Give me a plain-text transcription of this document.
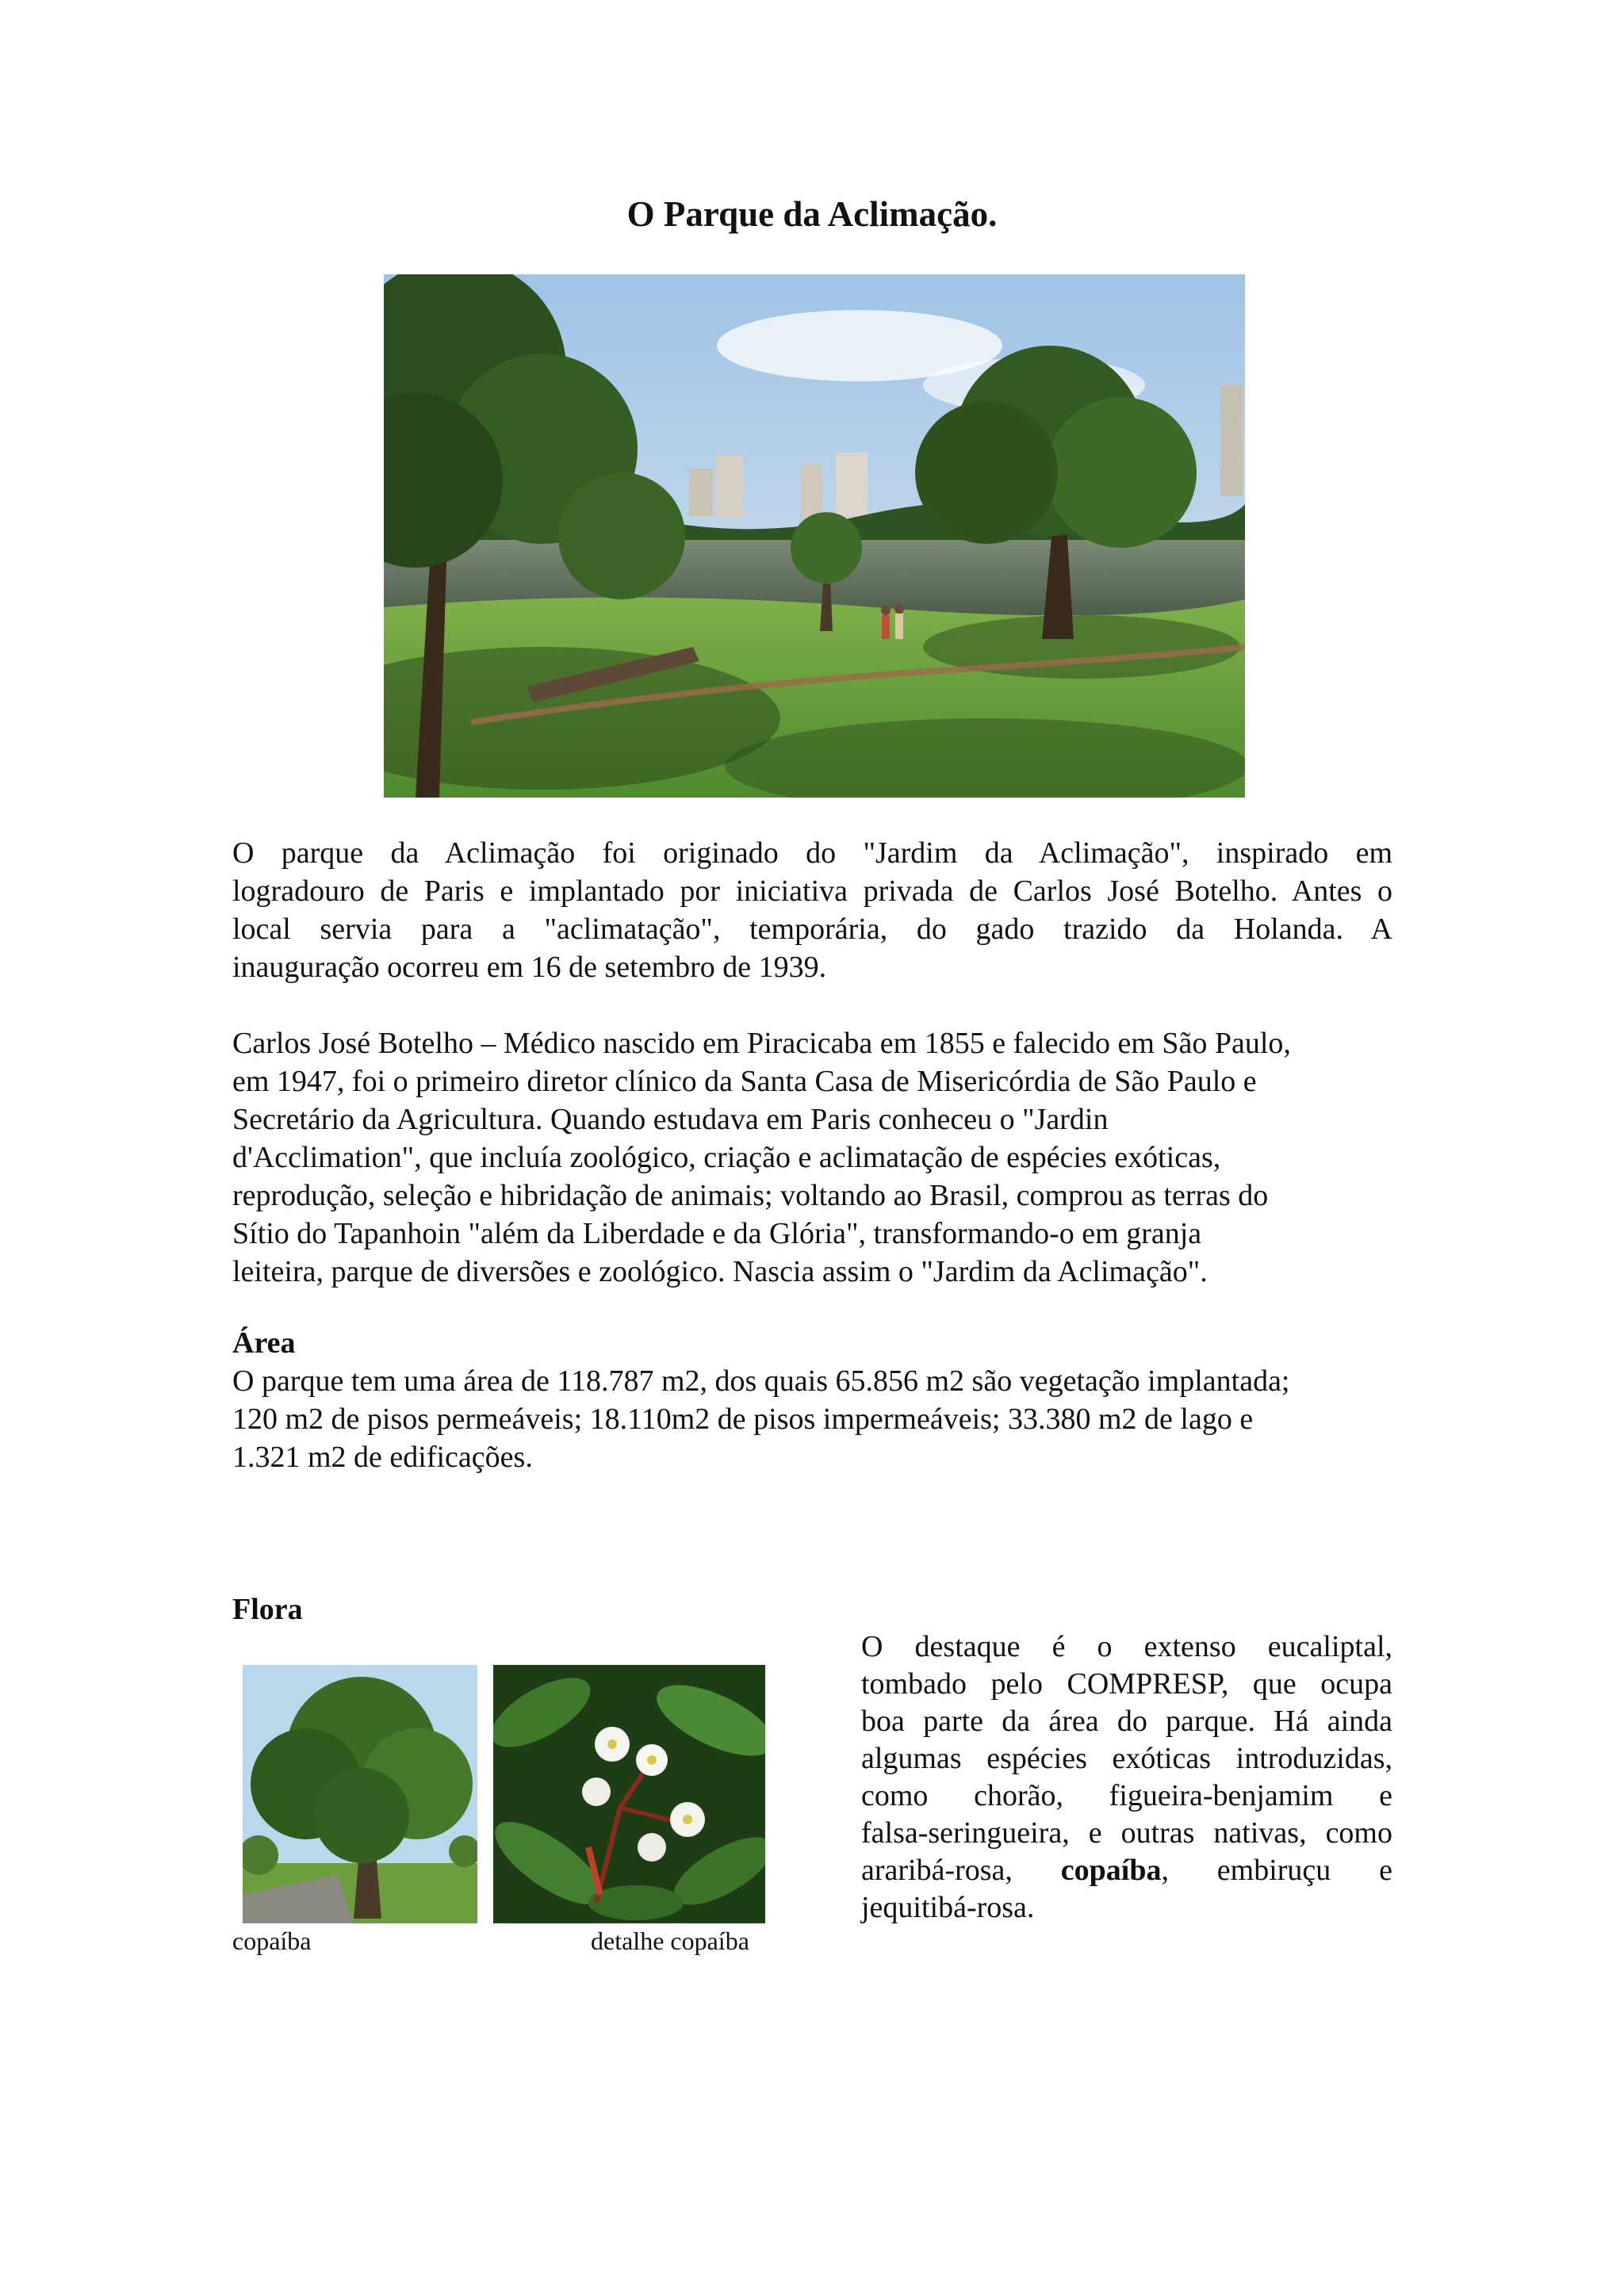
O Parque da Aclimação.
O parque da Aclimação foi originado do "Jardim da Aclimação", inspirado em
logradouro de Paris e implantado por iniciativa privada de Carlos José Botelho. Antes o
local servia para a "aclimatação", temporária, do gado trazido da Holanda. A
inauguração ocorreu em 16 de setembro de 1939.
Carlos José Botelho – Médico nascido em Piracicaba em 1855 e falecido em São Paulo,
em 1947, foi o primeiro diretor clínico da Santa Casa de Misericórdia de São Paulo e
Secretário da Agricultura. Quando estudava em Paris conheceu o "Jardin
d'Acclimation", que incluía zoológico, criação e aclimatação de espécies exóticas,
reprodução, seleção e hibridação de animais; voltando ao Brasil, comprou as terras do
Sítio do Tapanhoin "além da Liberdade e da Glória", transformando-o em granja
leiteira, parque de diversões e zoológico. Nascia assim o "Jardim da Aclimação".
Área
O parque tem uma área de 118.787 m2, dos quais 65.856 m2 são vegetação implantada;
120 m2 de pisos permeáveis; 18.110m2 de pisos impermeáveis; 33.380 m2 de lago e
1.321 m2 de edificações.
Flora
copaíba	detalhe copaíba
O destaque é o extenso eucaliptal,
tombado pelo COMPRESP, que ocupa
boa parte da área do parque. Há ainda
algumas espécies exóticas introduzidas,
como chorão, figueira-benjamim e
falsa-seringueira, e outras nativas, como
araribá-rosa, copaíba, embiruçu e
jequitibá-rosa.
